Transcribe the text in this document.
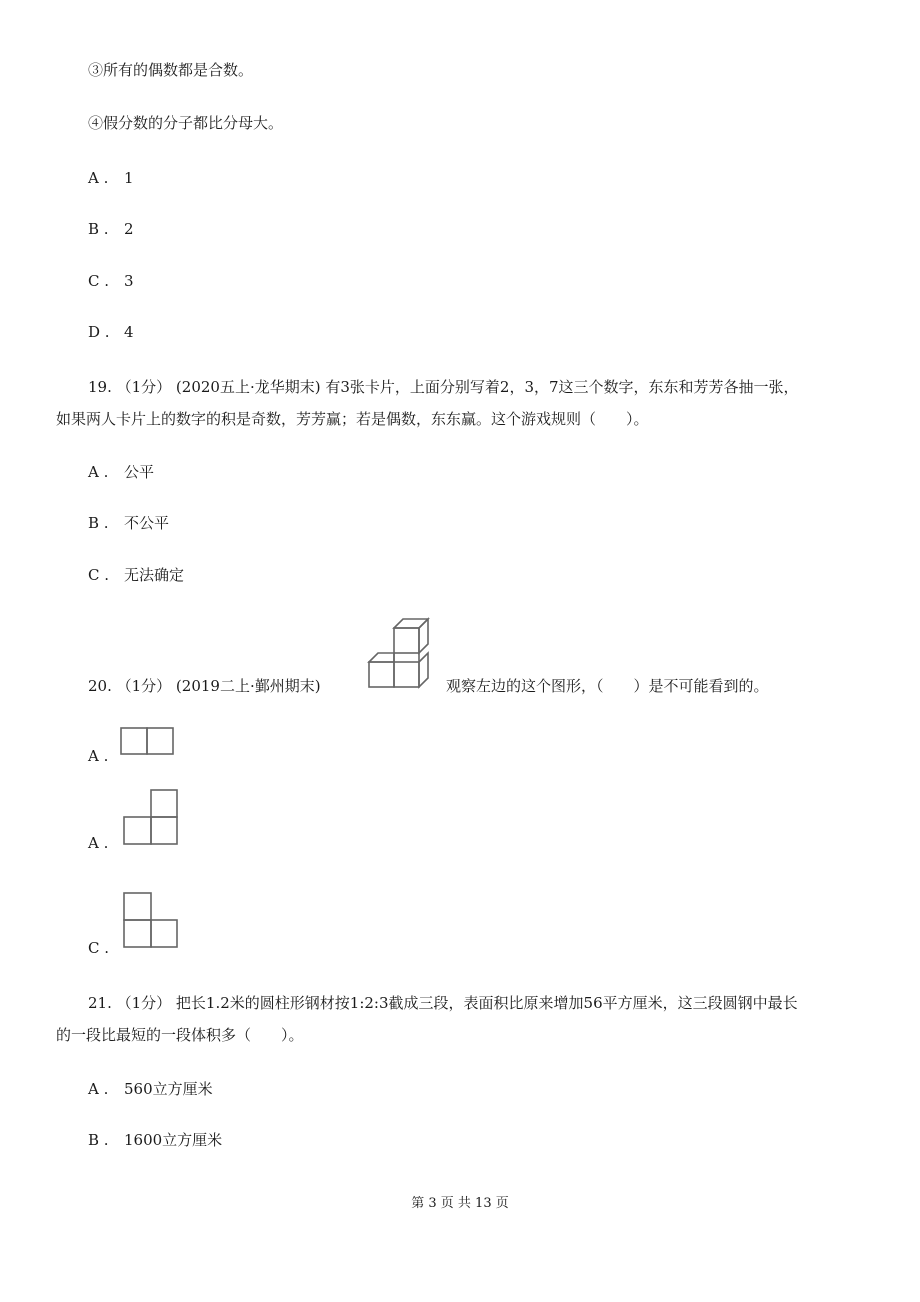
③所有的偶数都是合数。
④假分数的分子都比分母大。
A . 1
B . 2
C . 3
D . 4
19. （1分） (2020五上·龙华期末) 有3张卡片，上面分别写着2，3，7这三个数字，东东和芳芳各抽一张，
如果两人卡片上的数字的积是奇数，芳芳赢；若是偶数，东东赢。这个游戏规则（　　）。
A . 公平
B . 不公平
C . 无法确定
20. （1分） (2019二上·鄞州期末)	观察左边的这个图形，（　　）是不可能看到的。
A .
A .
C .
21. （1分） 把长1.2米的圆柱形钢材按1:2:3截成三段，表面积比原来增加56平方厘米，这三段圆钢中最长
的一段比最短的一段体积多（　　）。
A . 560立方厘米
B . 1600立方厘米
第 3 页 共 13 页
